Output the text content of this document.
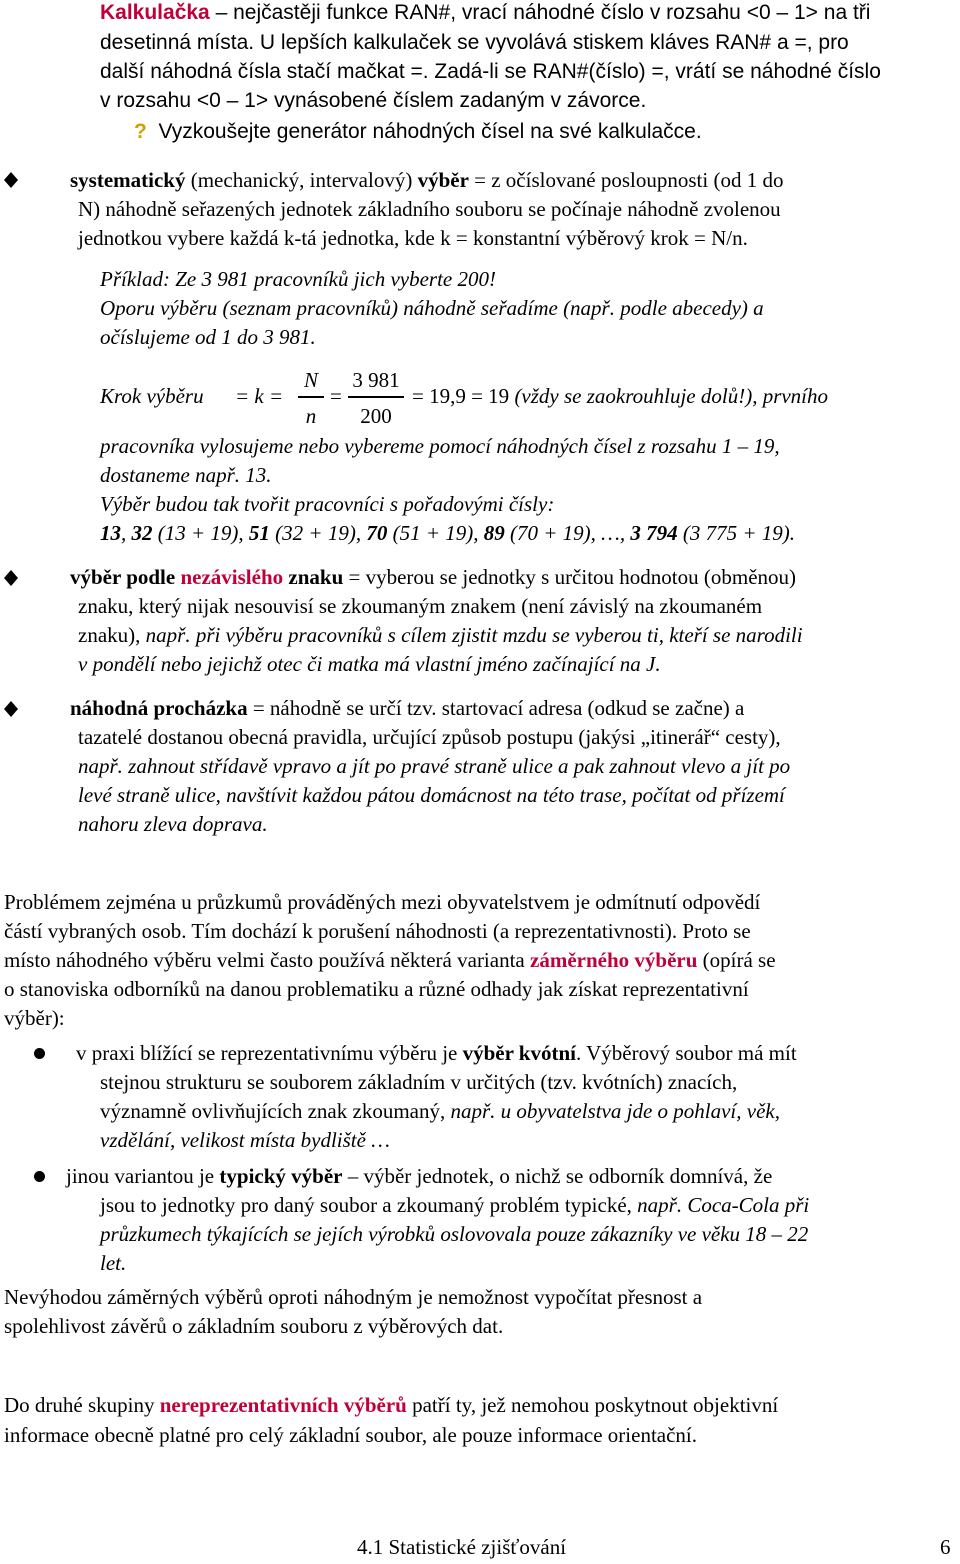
Kalkulačka – nejčastěji funkce RAN#, vrací náhodné číslo v rozsahu <0 – 1> na tři
desetinná místa. U lepších kalkulaček se vyvolává stiskem kláves RAN# a =, pro
další náhodná čísla stačí mačkat =. Zadá-li se RAN#(číslo) =, vrátí se náhodné číslo
v rozsahu <0 – 1> vynásobené číslem zadaným v závorce.
? Vyzkoušejte generátor náhodných čísel na své kalkulačce.
systematický (mechanický, intervalový) výběr = z očíslované posloupnosti (od 1 do
N) náhodně seřazených jednotek základního souboru se počínaje náhodně zvolenou
jednotkou vybere každá k-tá jednotka, kde k = konstantní výběrový krok = N/n.
Příklad: Ze 3 981 pracovníků jich vyberte 200!
Oporu výběru (seznam pracovníků) náhodně seřadíme (např. podle abecedy) a
očíslujeme od 1 do 3 981.
Krok výběru = k =
N
n
=
3 981
200
= 19,9 = 19 (vždy se zaokrouhluje dolů!), prvního
pracovníka vylosujeme nebo vybereme pomocí náhodných čísel z rozsahu 1 – 19,
dostaneme např. 13.
Výběr budou tak tvořit pracovníci s pořadovými čísly:
13, 32 (13 + 19), 51 (32 + 19), 70 (51 + 19), 89 (70 + 19), …, 3 794 (3 775 + 19).
výběr podle nezávislého znaku = vyberou se jednotky s určitou hodnotou (obměnou)
znaku, který nijak nesouvisí se zkoumaným znakem (není závislý na zkoumaném
znaku), např. při výběru pracovníků s cílem zjistit mzdu se vyberou ti, kteří se narodili
v pondělí nebo jejichž otec či matka má vlastní jméno začínající na J.
náhodná procházka = náhodně se určí tzv. startovací adresa (odkud se začne) a
tazatelé dostanou obecná pravidla, určující způsob postupu (jakýsi „itinerář“ cesty),
např. zahnout střídavě vpravo a jít po pravé straně ulice a pak zahnout vlevo a jít po
levé straně ulice, navštívit každou pátou domácnost na této trase, počítat od přízemí
nahoru zleva doprava.
Problémem zejména u průzkumů prováděných mezi obyvatelstvem je odmítnutí odpovědí
částí vybraných osob. Tím dochází k porušení náhodnosti (a reprezentativnosti). Proto se
místo náhodného výběru velmi často používá některá varianta záměrného výběru (opírá se
o stanoviska odborníků na danou problematiku a různé odhady jak získat reprezentativní
výběr):
v praxi blížící se reprezentativnímu výběru je výběr kvótní. Výběrový soubor má mít
stejnou strukturu se souborem základním v určitých (tzv. kvótních) znacích,
významně ovlivňujících znak zkoumaný, např. u obyvatelstva jde o pohlaví, věk,
vzdělání, velikost místa bydliště …
jinou variantou je typický výběr – výběr jednotek, o nichž se odborník domnívá, že
jsou to jednotky pro daný soubor a zkoumaný problém typické, např. Coca-Cola při
průzkumech týkajících se jejích výrobků oslovovala pouze zákazníky ve věku 18 – 22
let.
Nevýhodou záměrných výběrů oproti náhodným je nemožnost vypočítat přesnost a
spolehlivost závěrů o základním souboru z výběrových dat.
Do druhé skupiny nereprezentativních výběrů patří ty, jež nemohou poskytnout objektivní
informace obecně platné pro celý základní soubor, ale pouze informace orientační.
4.1 Statistické zjišťování	6
